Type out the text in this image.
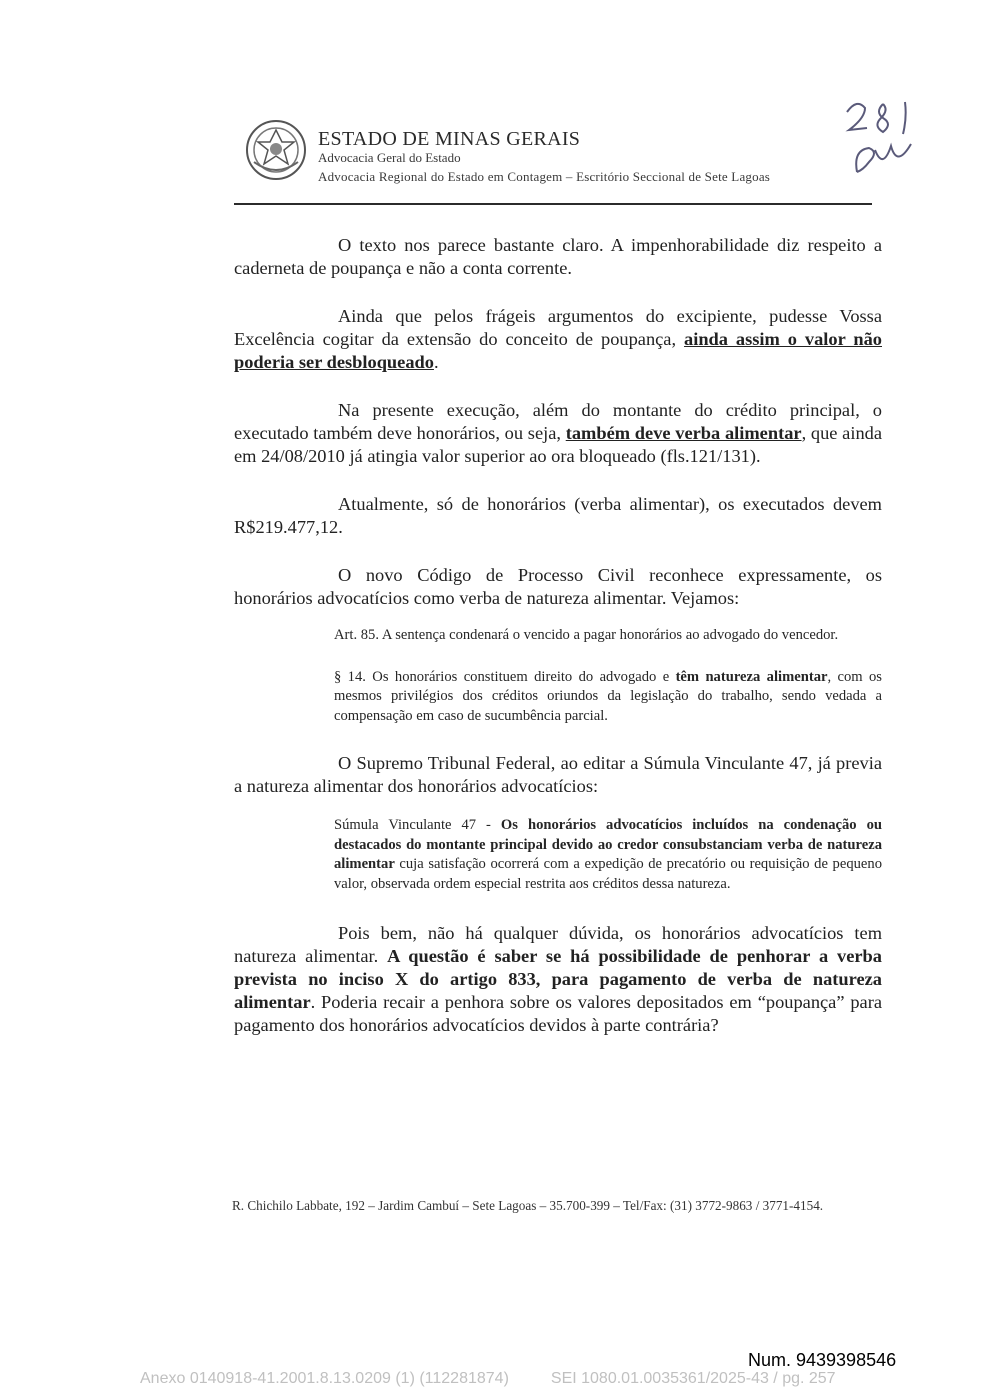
ESTADO DE MINAS GERAIS
Advocacia Geral do Estado
Advocacia Regional do Estado em Contagem – Escritório Seccional de Sete Lagoas

O texto nos parece bastante claro. A impenhorabilidade diz respeito a caderneta de poupança e não a conta corrente.

Ainda que pelos frágeis argumentos do excipiente, pudesse Vossa Excelência cogitar da extensão do conceito de poupança, ainda assim o valor não poderia ser desbloqueado.

Na presente execução, além do montante do crédito principal, o executado também deve honorários, ou seja, também deve verba alimentar, que ainda em 24/08/2010 já atingia valor superior ao ora bloqueado (fls.121/131).

Atualmente, só de honorários (verba alimentar), os executados devem R$219.477,12.

O novo Código de Processo Civil reconhece expressamente, os honorários advocatícios como verba de natureza alimentar. Vejamos:

Art. 85. A sentença condenará o vencido a pagar honorários ao advogado do vencedor.

§ 14. Os honorários constituem direito do advogado e têm natureza alimentar, com os mesmos privilégios dos créditos oriundos da legislação do trabalho, sendo vedada a compensação em caso de sucumbência parcial.

O Supremo Tribunal Federal, ao editar a Súmula Vinculante 47, já previa a natureza alimentar dos honorários advocatícios:

Súmula Vinculante 47 - Os honorários advocatícios incluídos na condenação ou destacados do montante principal devido ao credor consubstanciam verba de natureza alimentar cuja satisfação ocorrerá com a expedição de precatório ou requisição de pequeno valor, observada ordem especial restrita aos créditos dessa natureza.

Pois bem, não há qualquer dúvida, os honorários advocatícios tem natureza alimentar. A questão é saber se há possibilidade de penhorar a verba prevista no inciso X do artigo 833, para pagamento de verba de natureza alimentar. Poderia recair a penhora sobre os valores depositados em “poupança” para pagamento dos honorários advocatícios devidos à parte contrária?

R. Chichilo Labbate, 192 – Jardim Cambuí – Sete Lagoas – 35.700-399 – Tel/Fax: (31) 3772-9863 / 3771-4154.
Num. 9439398546
Anexo 0140918-41.2001.8.13.0209 (1) (112281874)	SEI 1080.01.0035361/2025-43 / pg. 257
